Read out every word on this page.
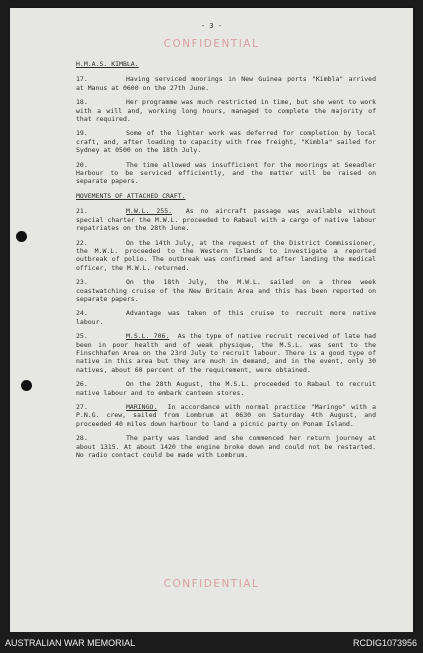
- 3 -
CONFIDENTIAL
H.M.A.S. KIMBLA.
17.	Having serviced moorings in New Guinea ports "Kimbla" arrived at Manus at 0600 on the 27th June.
18.	Her programme was much restricted in time, but she went to work with a will and, working long hours, managed to complete the majority of that required.
19.	Some of the lighter work was deferred for completion by local craft, and, after loading to capacity with free freight, "Kimbla" sailed for Sydney at 0500 on the 18th July.
20.	The time allowed was insufficient for the moorings at Seeadler Harbour to be serviced efficiently, and the matter will be raised on separate papers.
MOVEMENTS OF ATTACHED CRAFT.
21.	M.W.L. 255. As no aircraft passage was available without special charter the M.W.L. proceeded to Rabaul with a cargo of native labour repatriates on the 28th June.
22.	On the 14th July, at the request of the District Commissioner, the M.W.L. proceeded to the Western Islands to investigate a reported outbreak of polio. The outbreak was confirmed and after landing the medical officer, the M.W.L. returned.
23.	On the 18th July, the M.W.L. sailed on a three week coastwatching cruise of the New Britain Area and this has been reported on separate papers.
24.	Advantage was taken of this cruise to recruit more native labour.
25.	M.S.L. 706. As the type of native recruit received of late had been in poor health and of weak physique, the M.S.L. was sent to the Finschhafen Area on the 23rd July to recruit labour. There is a good type of native in this area but they are much in demand, and in the event, only 30 natives, about 60 percent of the requirement, were obtained.
26.	On the 28th August, the M.S.L. proceeded to Rabaul to recruit native labour and to embark canteen stores.
27.	MARINGO. In accordance with normal practice "Maringo" with a P.N.G. crew, sailed from Lombrum at 0630 on Saturday 4th August, and proceeded 40 miles down harbour to land a picnic party on Ponam Island.
28.	The party was landed and she commenced her return journey at about 1315. At about 1420 the engine broke down and could not be restarted. No radio contact could be made with Lombrum.
CONFIDENTIAL
AUSTRALIAN WAR MEMORIAL	RCDIG1073956
